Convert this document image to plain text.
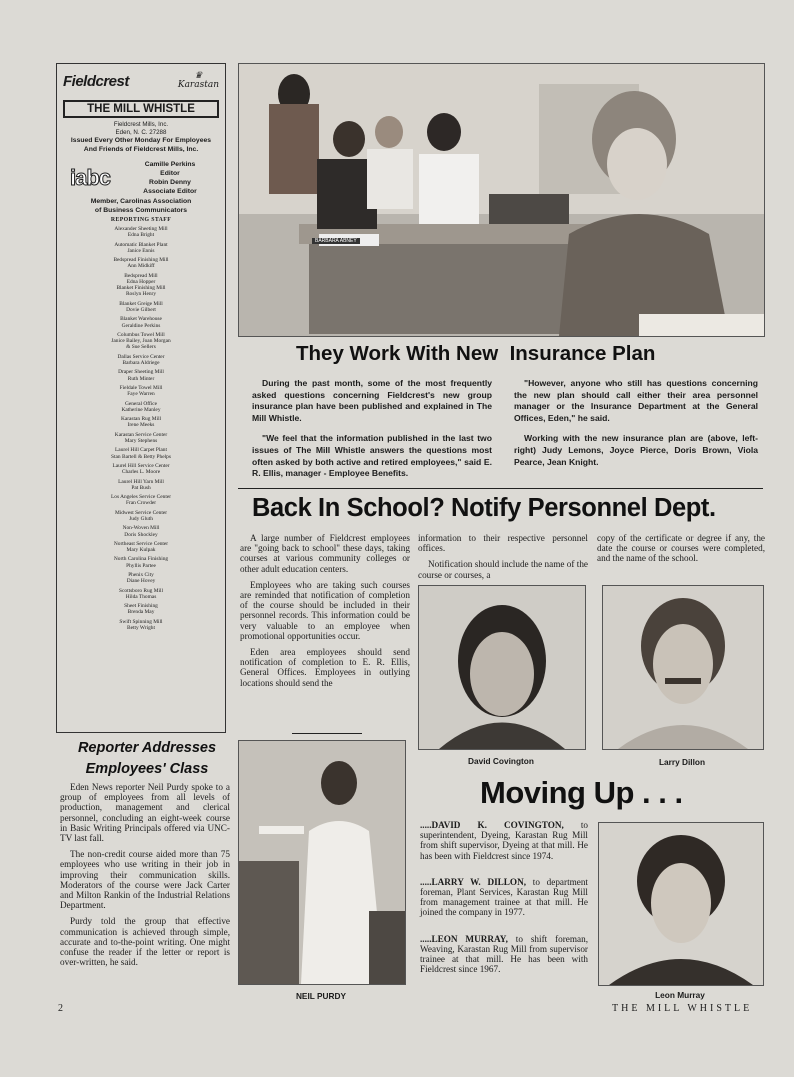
Fieldcrest	♛
Karastan
THE MILL WHISTLE
Fieldcrest Mills, Inc.
Eden, N. C. 27288
Issued Every Other Monday For Employees
And Friends of Fieldcrest Mills, Inc.
iabc
Camille Perkins
Editor
Robin Denny
Associate Editor
Member, Carolinas Association
of Business Communicators
REPORTING STAFF
Alexander Sheeting Mill
Edna Bright
Automatic Blanket Plant
Janice Ennis
Bedspread Finishing Mill
Ann Midkiff
Bedspread Mill
Edna Hopper
Blanket Finishing Mill
Roslyn Henry
Blanket Greige Mill
Dovie Gilbert
Blanket Warehouse
Geraldine Perkins
Columbus Towel Mill
Janice Bailey, Joan Morgan
& Sue Sellers
Dallas Service Center
Barbara Aldriege
Draper Sheeting Mill
Ruth Minter
Fieldale Towel Mill
Faye Warren
General Office
Katherine Manley
Karastan Rug Mill
Irene Meeks
Karastan Service Center
Mary Stephens
Laurel Hill Carpet Plant
Stan Bartell & Betty Phelps
Laurel Hill Service Center
Charles L. Moore
Laurel Hill Yarn Mill
Pat Bush
Los Angeles Service Center
Fran Crowder
Midwest Service Center
Judy Gluth
Non-Woven Mill
Doris Shockley
Northeast Service Center
Mary Kulpak
North Carolina Finishing
Phyllis Partee
Phenix City
Diane Hovey
Scottsboro Rug Mill
Hilda Thomas
Sheet Finishing
Brenda May
Swift Spinning Mill
Betty Wright
BARBARA ABNEY
They Work With New Insurance Plan

During the past month, some of the most frequently asked questions concerning Fieldcrest's new group insurance plan have been published and explained in The Mill Whistle.

"We feel that the information published in the last two issues of The Mill Whistle answers the questions most often asked by both active and retired employees," said E. R. Ellis, manager - Employee Benefits.

"However, anyone who still has questions concerning the new plan should call either their area personnel manager or the Insurance Department at the General Offices, Eden," he said.

Working with the new insurance plan are (above, left-right) Judy Lemons, Joyce Pierce, Doris Brown, Viola Pearce, Jean Knight.

Back In School? Notify Personnel Dept.

A large number of Fieldcrest employees are "going back to school" these days, taking courses at various community colleges or other adult education centers.

Employees who are taking such courses are reminded that notification of completion of the course should be included in their personnel records. This information could be very valuable to an employee when promotional opportunities occur.

Eden area employees should send notification of completion to E. R. Ellis, General Offices. Employees in outlying locations should send the

information to their respective personnel offices.

Notification should include the name of the course or courses, a

copy of the certificate or degree if any, the date the course or courses were completed, and the name of the school.

David Covington	Larry Dillon
Reporter Addresses
Employees' Class

Eden News reporter Neil Purdy spoke to a group of employees from all levels of production, management and clerical personnel, concluding an eight-week course in Basic Writing Principals offered via UNC-TV last fall.

The non-credit course aided more than 75 employees who use writing in their job in improving their communication skills. Moderators of the course were Jack Carter and Milton Rankin of the Industrial Relations Department.

Purdy told the group that effective communication is achieved through simple, accurate and to-the-point writing. One might confuse the reader if the letter or report is over-written, he said.

NEIL PURDY
Moving Up . . .

.....DAVID K. COVINGTON, to superintendent, Dyeing, Karastan Rug Mill from shift supervisor, Dyeing at that mill. He has been with Fieldcrest since 1974.

.....LARRY W. DILLON, to department foreman, Plant Services, Karastan Rug Mill from management trainee at that mill. He joined the company in 1977.

.....LEON MURRAY, to shift foreman, Weaving, Karastan Rug Mill from supervisor trainee at that mill. He has been with Fieldcrest since 1967.

Leon Murray
2	THE MILL WHISTLE
